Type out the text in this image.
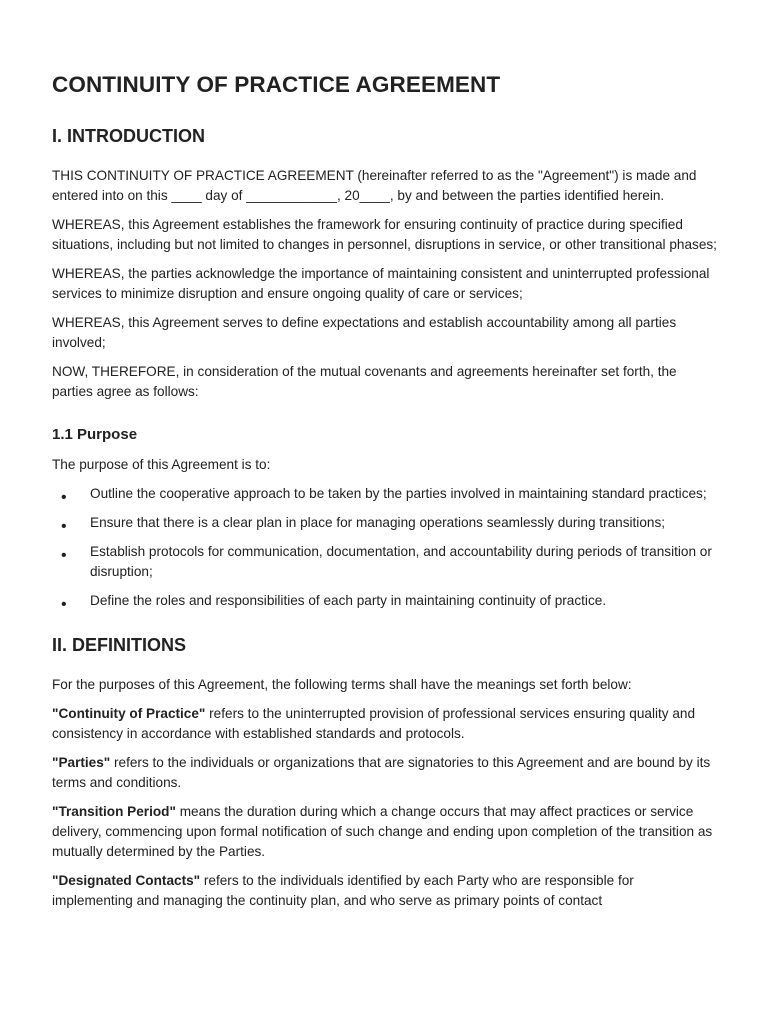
CONTINUITY OF PRACTICE AGREEMENT
I. INTRODUCTION

THIS CONTINUITY OF PRACTICE AGREEMENT (hereinafter referred to as the "Agreement") is made and entered into on this ____ day of ____________, 20____, by and between the parties identified herein.

WHEREAS, this Agreement establishes the framework for ensuring continuity of practice during specified situations, including but not limited to changes in personnel, disruptions in service, or other transitional phases;

WHEREAS, the parties acknowledge the importance of maintaining consistent and uninterrupted professional services to minimize disruption and ensure ongoing quality of care or services;

WHEREAS, this Agreement serves to define expectations and establish accountability among all parties involved;

NOW, THEREFORE, in consideration of the mutual covenants and agreements hereinafter set forth, the parties agree as follows:

1.1 Purpose

The purpose of this Agreement is to:

• Outline the cooperative approach to be taken by the parties involved in maintaining standard practices;
• Ensure that there is a clear plan in place for managing operations seamlessly during transitions;
• Establish protocols for communication, documentation, and accountability during periods of transition or disruption;
• Define the roles and responsibilities of each party in maintaining continuity of practice.
II. DEFINITIONS

For the purposes of this Agreement, the following terms shall have the meanings set forth below:

"Continuity of Practice" refers to the uninterrupted provision of professional services ensuring quality and consistency in accordance with established standards and protocols.

"Parties" refers to the individuals or organizations that are signatories to this Agreement and are bound by its terms and conditions.

"Transition Period" means the duration during which a change occurs that may affect practices or service delivery, commencing upon formal notification of such change and ending upon completion of the transition as mutually determined by the Parties.

"Designated Contacts" refers to the individuals identified by each Party who are responsible for implementing and managing the continuity plan, and who serve as primary points of contact
